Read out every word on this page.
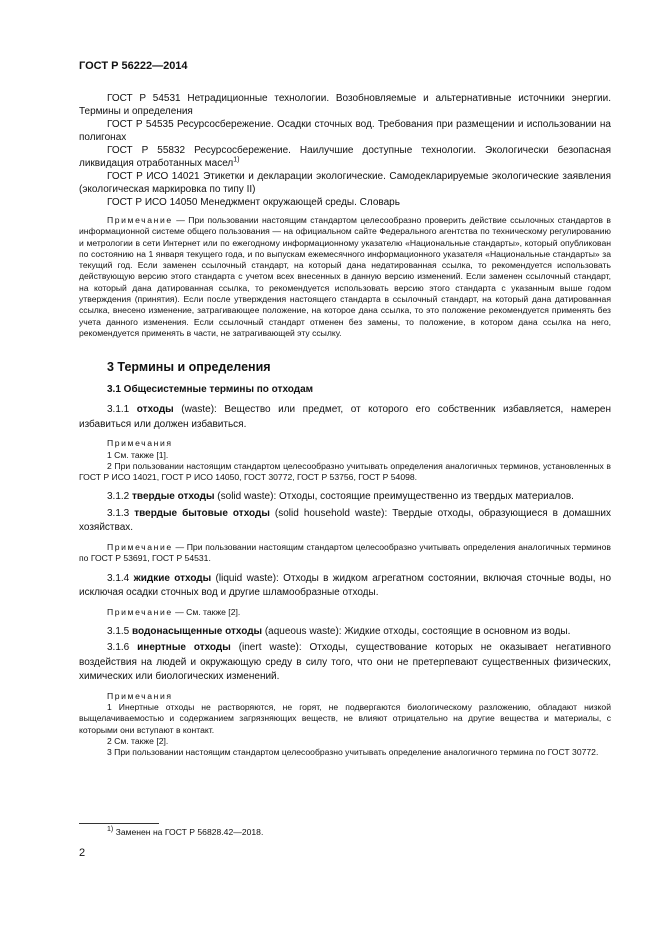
ГОСТ Р 56222—2014

ГОСТ Р 54531 Нетрадиционные технологии. Возобновляемые и альтернативные источники энергии. Термины и определения

ГОСТ Р 54535 Ресурсосбережение. Осадки сточных вод. Требования при размещении и использовании на полигонах

ГОСТ Р 55832 Ресурсосбережение. Наилучшие доступные технологии. Экологически безопасная ликвидация отработанных масел$^{1)}$

ГОСТ Р ИСО 14021 Этикетки и декларации экологические. Самодекларируемые экологические заявления (экологическая маркировка по типу II)

ГОСТ Р ИСО 14050 Менеджмент окружающей среды. Словарь

Примечание — При пользовании настоящим стандартом целесообразно проверить действие ссылочных стандартов в информационной системе общего пользования — на официальном сайте Федерального агентства по техническому регулированию и метрологии в сети Интернет или по ежегодному информационному указателю «Национальные стандарты», который опубликован по состоянию на 1 января текущего года, и по выпускам ежемесячного информационного указателя «Национальные стандарты» за текущий год. Если заменен ссылочный стандарт, на который дана недатированная ссылка, то рекомендуется использовать действующую версию этого стандарта с учетом всех внесенных в данную версию изменений. Если заменен ссылочный стандарт, на который дана датированная ссылка, то рекомендуется использовать версию этого стандарта с указанным выше годом утверждения (принятия). Если после утверждения настоящего стандарта в ссылочный стандарт, на который дана датированная ссылка, внесено изменение, затрагивающее положение, на которое дана ссылка, то это положение рекомендуется применять без учета данного изменения. Если ссылочный стандарт отменен без замены, то положение, в котором дана ссылка на него, рекомендуется применять в части, не затрагивающей эту ссылку.

3 Термины и определения
3.1 Общесистемные термины по отходам

3.1.1 отходы (waste): Вещество или предмет, от которого его собственник избавляется, намерен избавиться или должен избавиться.

Примечания

1 См. также [1].

2 При пользовании настоящим стандартом целесообразно учитывать определения аналогичных терминов, установленных в ГОСТ Р ИСО 14021, ГОСТ Р ИСО 14050, ГОСТ 30772, ГОСТ Р 53756, ГОСТ Р 54098.

3.1.2 твердые отходы (solid waste): Отходы, состоящие преимущественно из твердых материалов.

3.1.3 твердые бытовые отходы (solid household waste): Твердые отходы, образующиеся в домашних хозяйствах.

Примечание — При пользовании настоящим стандартом целесообразно учитывать определения аналогичных терминов по ГОСТ Р 53691, ГОСТ Р 54531.

3.1.4 жидкие отходы (liquid waste): Отходы в жидком агрегатном состоянии, включая сточные воды, но исключая осадки сточных вод и другие шламообразные отходы.

Примечание — См. также [2].

3.1.5 водонасыщенные отходы (aqueous waste): Жидкие отходы, состоящие в основном из воды.

3.1.6 инертные отходы (inert waste): Отходы, существование которых не оказывает негативного воздействия на людей и окружающую среду в силу того, что они не претерпевают существенных физических, химических или биологических изменений.

Примечания

1 Инертные отходы не растворяются, не горят, не подвергаются биологическому разложению, обладают низкой выщелачиваемостью и содержанием загрязняющих веществ, не влияют отрицательно на другие вещества и материалы, с которыми они вступают в контакт.

2 См. также [2].

3 При пользовании настоящим стандартом целесообразно учитывать определение аналогичного термина по ГОСТ 30772.

$^{1)}$ Заменен на ГОСТ Р 56828.42—2018.
2
